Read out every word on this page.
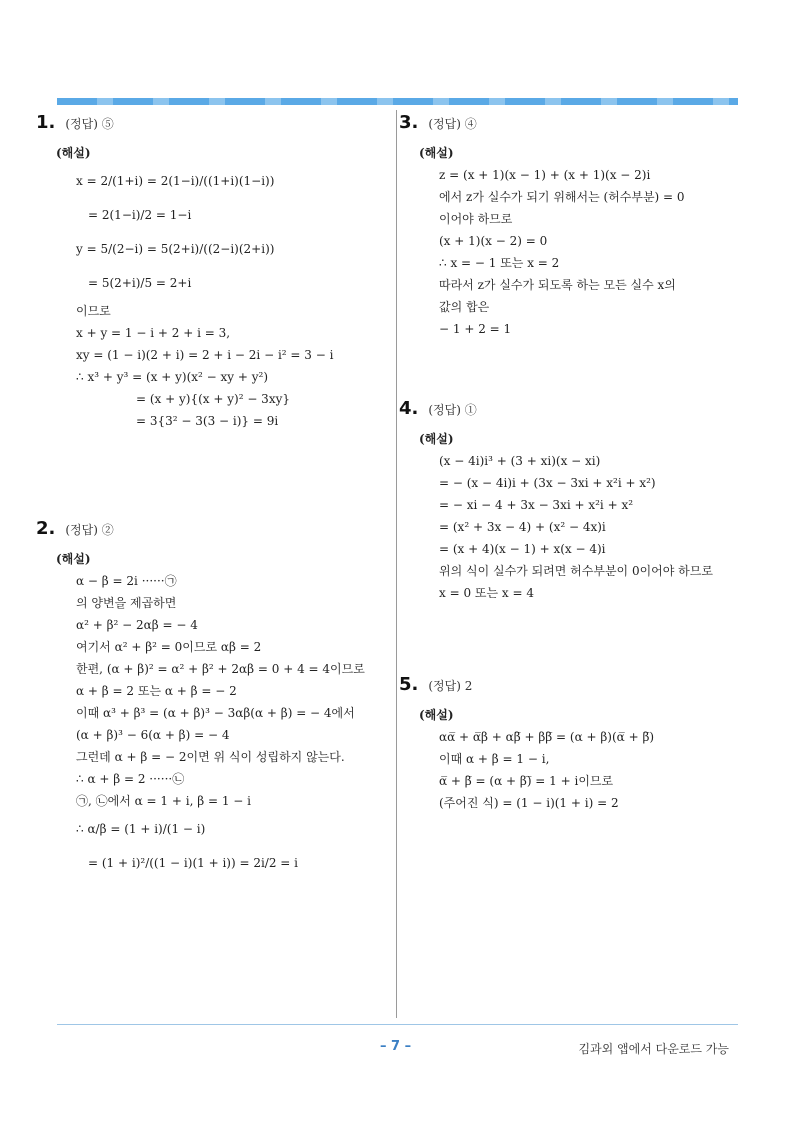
1. (정답) ⑤
(해설)
x = 2/(1+i) = 2(1−i)/((1+i)(1−i))
= 2(1−i)/2 = 1−i
y = 5/(2−i) = 5(2+i)/((2−i)(2+i))
= 5(2+i)/5 = 2+i
이므로
x + y = 1 − i + 2 + i = 3,
xy = (1 − i)(2 + i) = 2 + i − 2i − i² = 3 − i
∴ x³ + y³ = (x + y)(x² − xy + y²)
= (x + y){(x + y)² − 3xy}
= 3{3² − 3(3 − i)} = 9i
2. (정답) ②
(해설)
α − β = 2i ······㉠
의 양변을 제곱하면
α² + β² − 2αβ = − 4
여기서 α² + β² = 0이므로 αβ = 2
한편, (α + β)² = α² + β² + 2αβ = 0 + 4 = 4이므로
α + β = 2 또는 α + β = − 2
이때 α³ + β³ = (α + β)³ − 3αβ(α + β) = − 4에서
(α + β)³ − 6(α + β) = − 4
그런데 α + β = − 2이면 위 식이 성립하지 않는다.
∴ α + β = 2 ······㉡
㉠, ㉡에서 α = 1 + i, β = 1 − i
∴ α/β = (1 + i)/(1 − i)
= (1 + i)²/((1 − i)(1 + i)) = 2i/2 = i
3. (정답) ④
(해설)
z = (x + 1)(x − 1) + (x + 1)(x − 2)i
에서 z가 실수가 되기 위해서는 (허수부분) = 0
이어야 하므로
(x + 1)(x − 2) = 0
∴ x = − 1 또는 x = 2
따라서 z가 실수가 되도록 하는 모든 실수 x의
값의 합은
− 1 + 2 = 1
4. (정답) ①
(해설)
(x − 4i)i³ + (3 + xi)(x − xi)
= − (x − 4i)i + (3x − 3xi + x²i + x²)
= − xi − 4 + 3x − 3xi + x²i + x²
= (x² + 3x − 4) + (x² − 4x)i
= (x + 4)(x − 1) + x(x − 4)i
위의 식이 실수가 되려면 허수부분이 0이어야 하므로
x = 0 또는 x = 4
5. (정답) 2
(해설)
αα̅ + α̅β + αβ̅ + ββ̅ = (α + β)(α̅ + β̅)
이때 α + β = 1 − i,
α̅ + β̅ = (α + β)̅ = 1 + i이므로
(주어진 식) = (1 − i)(1 + i) = 2
– 7 –	김과외 앱에서 다운로드 가능
